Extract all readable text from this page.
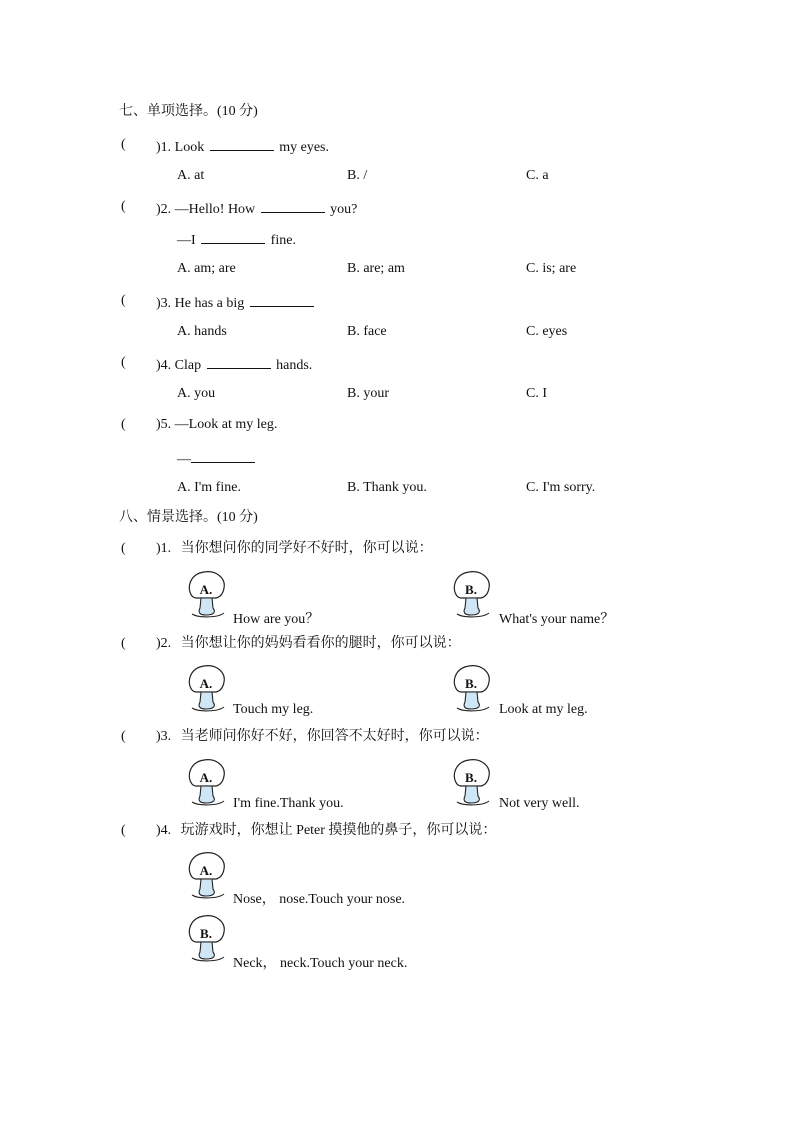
七、单项选择。(10 分)
( )1. Look	my eyes.
A. at	B. /	C. a
( )2. —Hello! How	you?
—I	fine.
A. am; are	B. are; am	C. is; are
( )3. He has a big
A. hands	B. face	C. eyes
( )4. Clap	hands.
A. you	B. your	C. I
( )5. —Look at my leg.
—
A. I'm fine.	B. Thank you.	C. I'm sorry.
八、情景选择。(10 分)
( )1. 当你想问你的同学好不好时，你可以说：
A.
How are you？
B.
What's your name？
( )2. 当你想让你的妈妈看看你的腿时，你可以说：
A.
Touch my leg.
B.
Look at my leg.
( )3. 当老师问你好不好，你回答不太好时，你可以说：
A.
I'm fine.Thank you.
B.
Not very well.
( )4. 玩游戏时，你想让 Peter 摸摸他的鼻子，你可以说：
A.
Nose， nose.Touch your nose.
B.
Neck， neck.Touch your neck.
